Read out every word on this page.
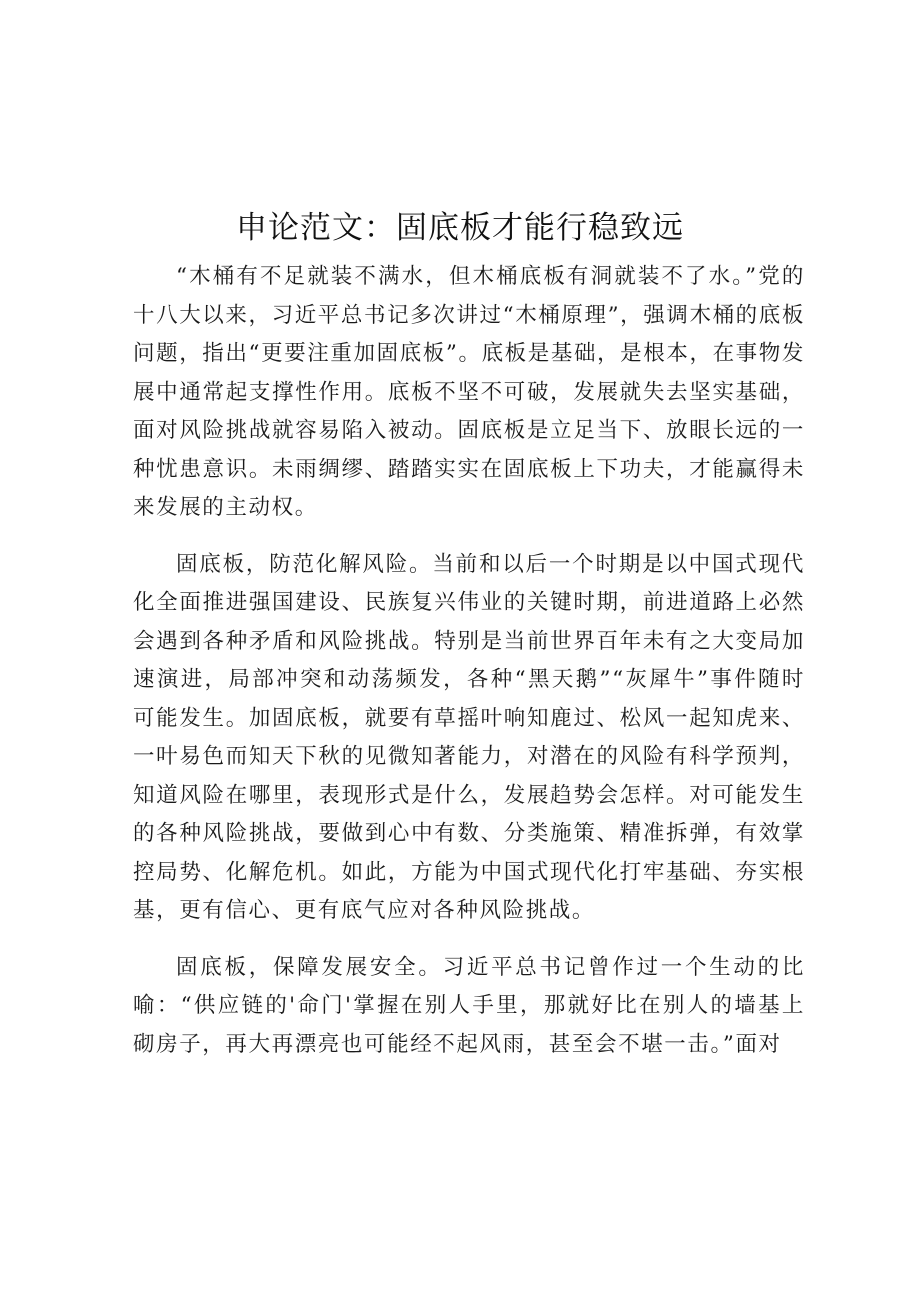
申论范文：固底板才能行稳致远

“木桶有不足就装不满水，但木桶底板有洞就装不了水。”党的十八大以来，习近平总书记多次讲过“木桶原理”，强调木桶的底板问题，指出“更要注重加固底板”。底板是基础，是根本，在事物发展中通常起支撑性作用。底板不坚不可破，发展就失去坚实基础，面对风险挑战就容易陷入被动。固底板是立足当下、放眼长远的一种忧患意识。未雨绸缪、踏踏实实在固底板上下功夫，才能赢得未来发展的主动权。

固底板，防范化解风险。当前和以后一个时期是以中国式现代化全面推进强国建设、民族复兴伟业的关键时期，前进道路上必然会遇到各种矛盾和风险挑战。特别是当前世界百年未有之大变局加速演进，局部冲突和动荡频发，各种“黑天鹅”“灰犀牛”事件随时可能发生。加固底板，就要有草摇叶响知鹿过、松风一起知虎来、一叶易色而知天下秋的见微知著能力，对潜在的风险有科学预判，知道风险在哪里，表现形式是什么，发展趋势会怎样。对可能发生的各种风险挑战，要做到心中有数、分类施策、精准拆弹，有效掌控局势、化解危机。如此，方能为中国式现代化打牢基础、夯实根基，更有信心、更有底气应对各种风险挑战。

固底板，保障发展安全。习近平总书记曾作过一个生动的比喻：“供应链的'命门'掌握在别人手里，那就好比在别人的墙基上砌房子，再大再漂亮也可能经不起风雨，甚至会不堪一击。”面对
